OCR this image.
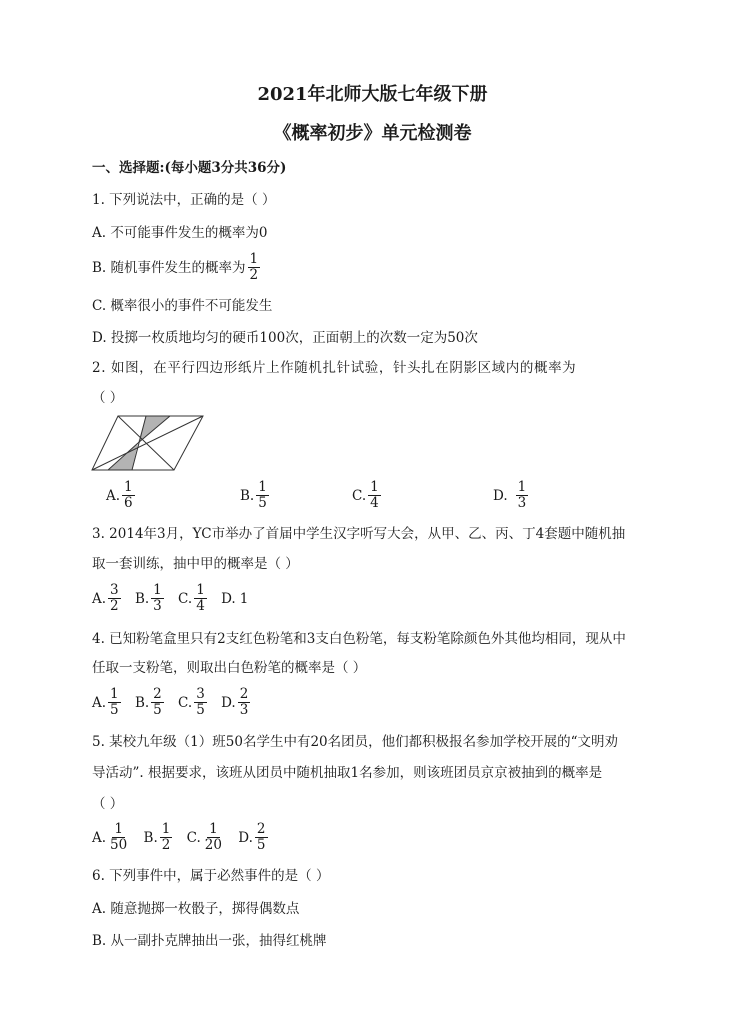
2021年北师大版七年级下册
《概率初步》单元检测卷
一、选择题:(每小题3分共36分)
1. 下列说法中，正确的是（ ）
A. 不可能事件发生的概率为0
B. 随机事件发生的概率为 $\frac{1}{2}$
C. 概率很小的事件不可能发生
D. 投掷一枚质地均匀的硬币100次，正面朝上的次数一定为50次
2. 如图，在平行四边形纸片上作随机扎针试验，针头扎在阴影区域内的概率为
（ ）
A. $\frac{1}{6}$	B. $\frac{1}{5}$	C. $\frac{1}{4}$	D. $\frac{1}{3}$
3. 2014年3月，YC市举办了首届中学生汉字听写大会，从甲、乙、丙、丁4套题中随机抽
取一套训练，抽中甲的概率是（ ）
A. $\frac{3}{2} B$. $\frac{1}{3} C$. $\frac{1}{4} D$. 1
4. 已知粉笔盒里只有2支红色粉笔和3支白色粉笔，每支粉笔除颜色外其他均相同，现从中
任取一支粉笔，则取出白色粉笔的概率是（ ）
A. $\frac{1}{5} B$. $\frac{2}{5} C$. $\frac{3}{5} D$. $\frac{2}{3}$
5. 某校九年级（1）班50名学生中有20名团员，他们都积极报名参加学校开展的“文明劝
导活动”. 根据要求，该班从团员中随机抽取1名参加，则该班团员京京被抽到的概率是
（ ）
A. $\frac{1}{50} B$. $\frac{1}{2} C$. $\frac{1}{20} D$. $\frac{2}{5}$
6. 下列事件中，属于必然事件的是（ ）
A. 随意抛掷一枚骰子，掷得偶数点
B. 从一副扑克牌抽出一张，抽得红桃牌
